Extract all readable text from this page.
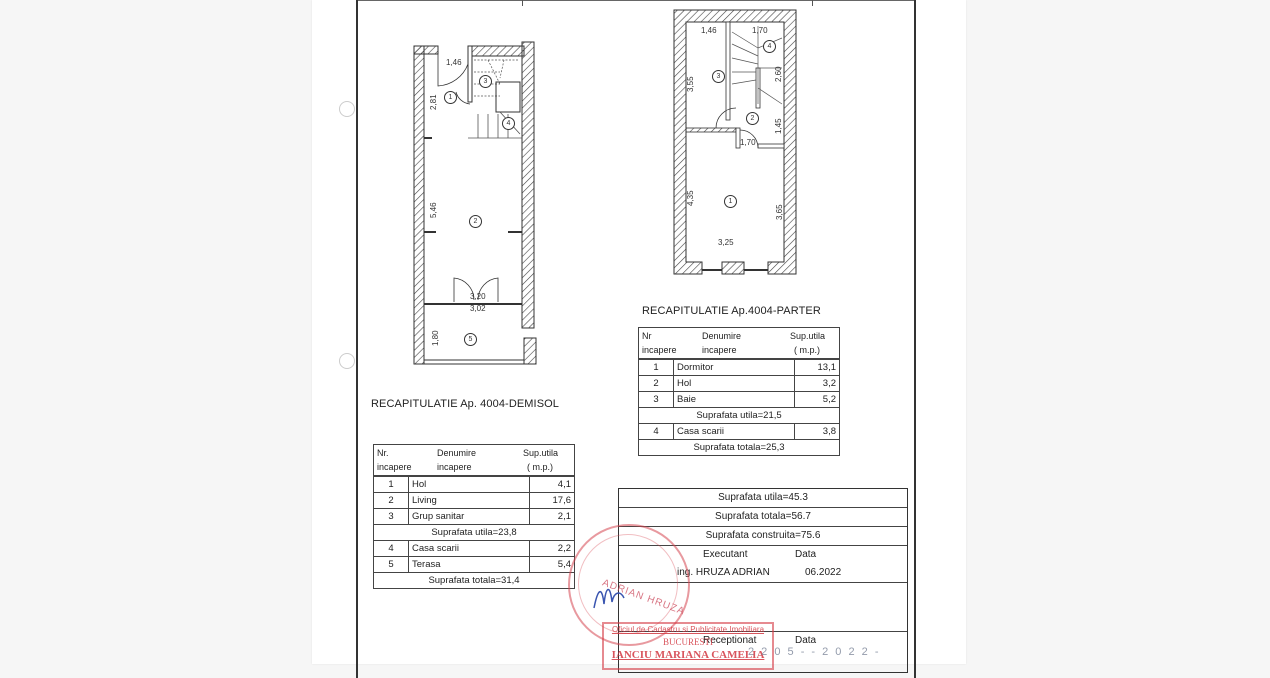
1,46
2,81
5,46
3,20
3,02
1,80
1
2
3
4
5
1,46	1,70
3,55
2,60
1,45
1,70
4,35
3,65
3,25
1
2
3
4
RECAPITULATIE Ap.4004-PARTER
Nr
incapere
Denumire
incapere
Sup.utila
( m.p.)

1	Dormitor	13,1
2	Hol	3,2
3	Baie	5,2
Suprafata utila=21,5		
4	Casa scarii	3,8
Suprafata totala=25,3		
RECAPITULATIE Ap. 4004-DEMISOL
Nr.
incapere
Denumire
incapere
Sup.utila
( m.p.)

1	Hol	4,1
2	Living	17,6
3	Grup sanitar	2,1
Suprafata utila=23,8		
4	Casa scarii	2,2
5	Terasa	5,4
Suprafata totala=31,4		
Suprafata utila=45.3
Suprafata totala=56.7
Suprafata construita=75.6
Executant	Data
ing. HRUZA ADRIAN	06.2022
Receptionat	Data
ADRIAN HRUZA
Oficiul de Cadastru si Publicitate Imobiliara
BUCURESTI
IANCIU MARIANA CAMELIA
2 2 0 5 - - 2 0 2 2 -
